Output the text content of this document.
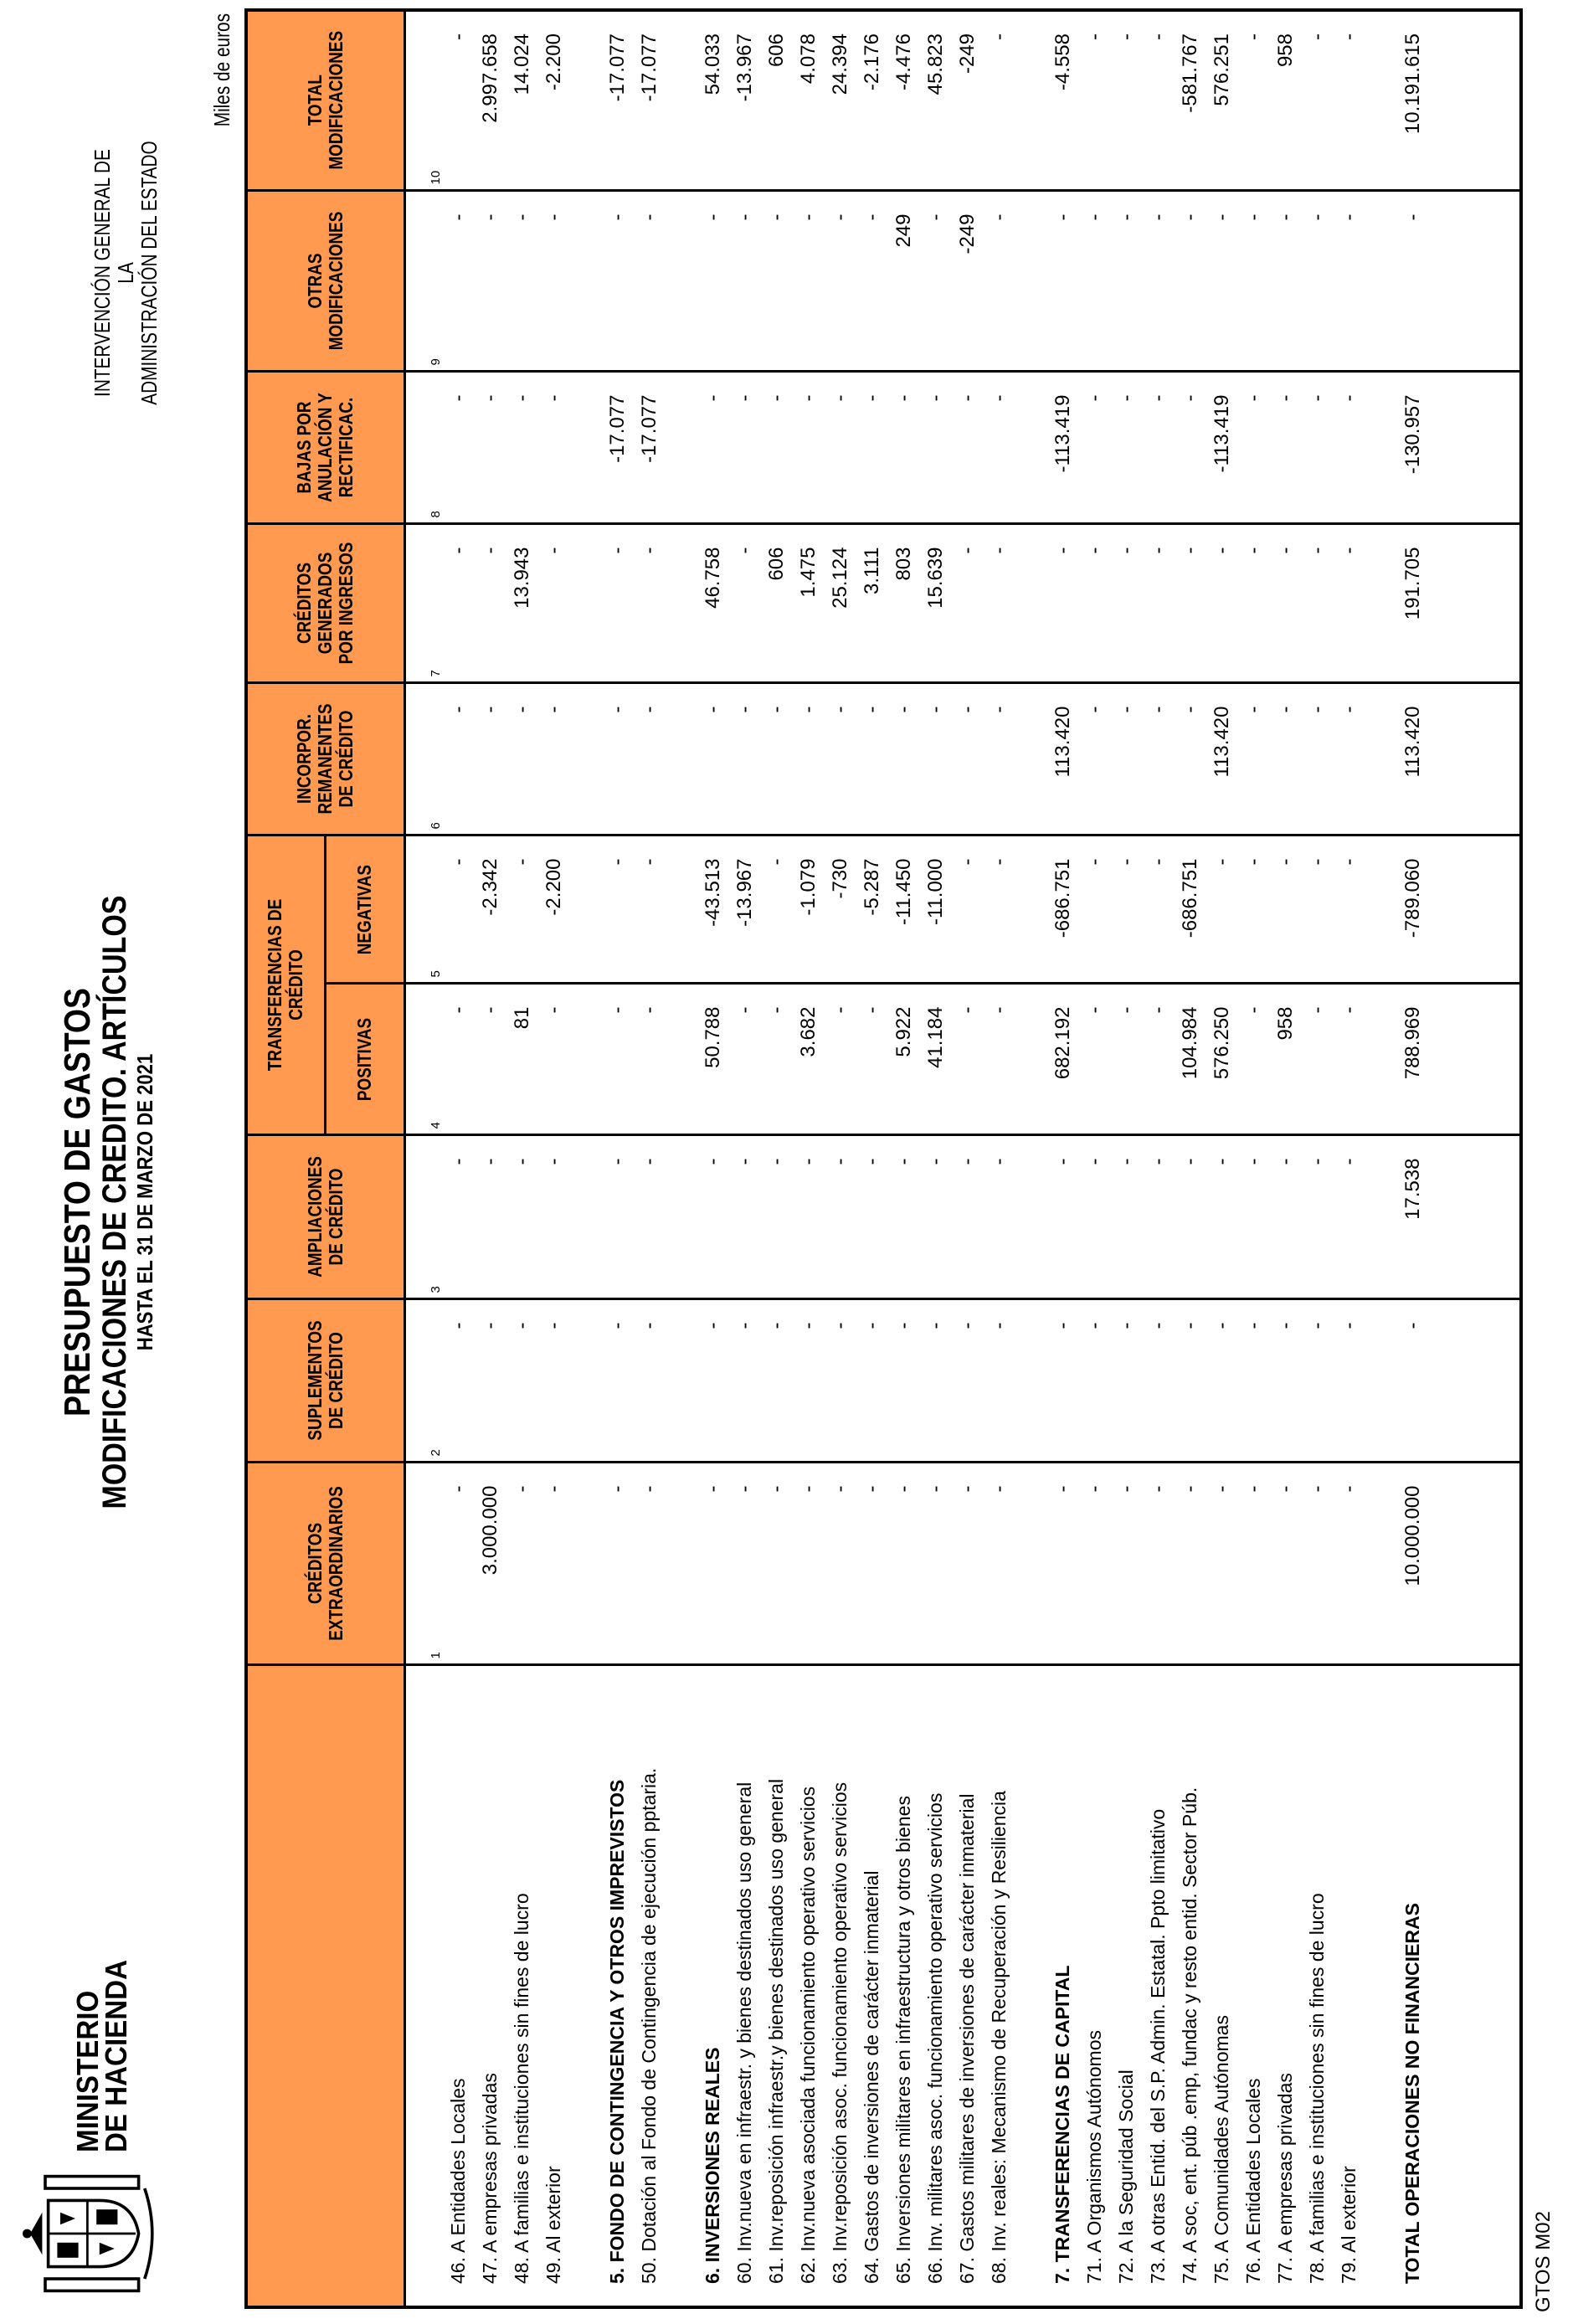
MINISTERIO
DE HACIENDA
PRESUPUESTO DE GASTOS
MODIFICACIONES DE CREDITO. ARTÍCULOS HASTA EL 31 DE MARZO DE 2021
INTERVENCIÓN GENERAL DE LA
ADMINISTRACIÓN DEL ESTADO
Miles de euros
GTOS M02
	CRÉDITOS EXTRAORDINARIOS	SUPLEMENTOS DE CRÉDITO	AMPLIACIONES DE CRÉDITO	TRANSFERENCIAS DE CRÉDITO		INCORPOR. REMANENTES DE CRÉDITO	CRÉDITOS GENERADOS POR INGRESOS	BAJAS POR ANULACIÓN Y RECTIFICAC.	OTRAS MODIFICACIONES	TOTAL MODIFICACIONES
				POSITIVAS	NEGATIVAS					
	1	2	3	4	5	6	7	8	9	10
46. A Entidades Locales	-	-	-	-	-	-	-	-	-	-
47. A empresas privadas	3.000.000	-	-	-	-2.342	-	-	-	-	2.997.658
48. A familias e instituciones sin fines de lucro	-	-	-	81	-	-	13.943	-	-	14.024
49. Al exterior	-	-	-	-	-2.200	-	-	-	-	-2.200

5. FONDO DE CONTINGENCIA Y OTROS IMPREVISTOS	-	-	-	-	-	-	-	-17.077	-	-17.077
50. Dotación al Fondo de Contingencia de ejecución pptaria.	-	-	-	-	-	-	-	-17.077	-	-17.077

6. INVERSIONES REALES	-	-	-	50.788	-43.513	-	46.758	-	-	54.033
60. Inv.nueva en infraestr. y bienes destinados uso general	-	-	-	-	-13.967	-	-	-	-	-13.967
61. Inv.reposición infraestr.y bienes destinados uso general	-	-	-	-	-	-	606	-	-	606
62. Inv.nueva asociada funcionamiento operativo servicios	-	-	-	3.682	-1.079	-	1.475	-	-	4.078
63. Inv.reposición asoc. funcionamiento operativo servicios	-	-	-	-	-730	-	25.124	-	-	24.394
64. Gastos de inversiones de carácter inmaterial	-	-	-	-	-5.287	-	3.111	-	-	-2.176
65. Inversiones militares en infraestructura y otros bienes	-	-	-	5.922	-11.450	-	803	-	249	-4.476
66. Inv. militares asoc. funcionamiento operativo servicios	-	-	-	41.184	-11.000	-	15.639	-	-	45.823
67. Gastos militares de inversiones de carácter inmaterial	-	-	-	-	-	-	-	-	-249	-249
68. Inv. reales: Mecanismo de Recuperación y Resiliencia	-	-	-	-	-	-	-	-	-	-

7. TRANSFERENCIAS DE CAPITAL	-	-	-	682.192	-686.751	113.420	-	-113.419	-	-4.558
71. A Organismos Autónomos	-	-	-	-	-	-	-	-	-	-
72. A la Seguridad Social	-	-	-	-	-	-	-	-	-	-
73. A otras Entid. del S.P. Admin. Estatal. Ppto limitativo	-	-	-	-	-	-	-	-	-	-
74. A soc, ent. púb .emp, fundac y resto entid. Sector Púb.	-	-	-	104.984	-686.751	-	-	-	-	-581.767
75. A Comunidades Autónomas	-	-	-	576.250	-	113.420	-	-113.419	-	576.251
76. A Entidades Locales	-	-	-	-	-	-	-	-	-	-
77. A empresas privadas	-	-	-	958	-	-	-	-	-	958
78. A familias e instituciones sin fines de lucro	-	-	-	-	-	-	-	-	-	-
79. Al exterior	-	-	-	-	-	-	-	-	-	-

TOTAL OPERACIONES NO FINANCIERAS	10.000.000	-	17.538	788.969	-789.060	113.420	191.705	-130.957	-	10.191.615
